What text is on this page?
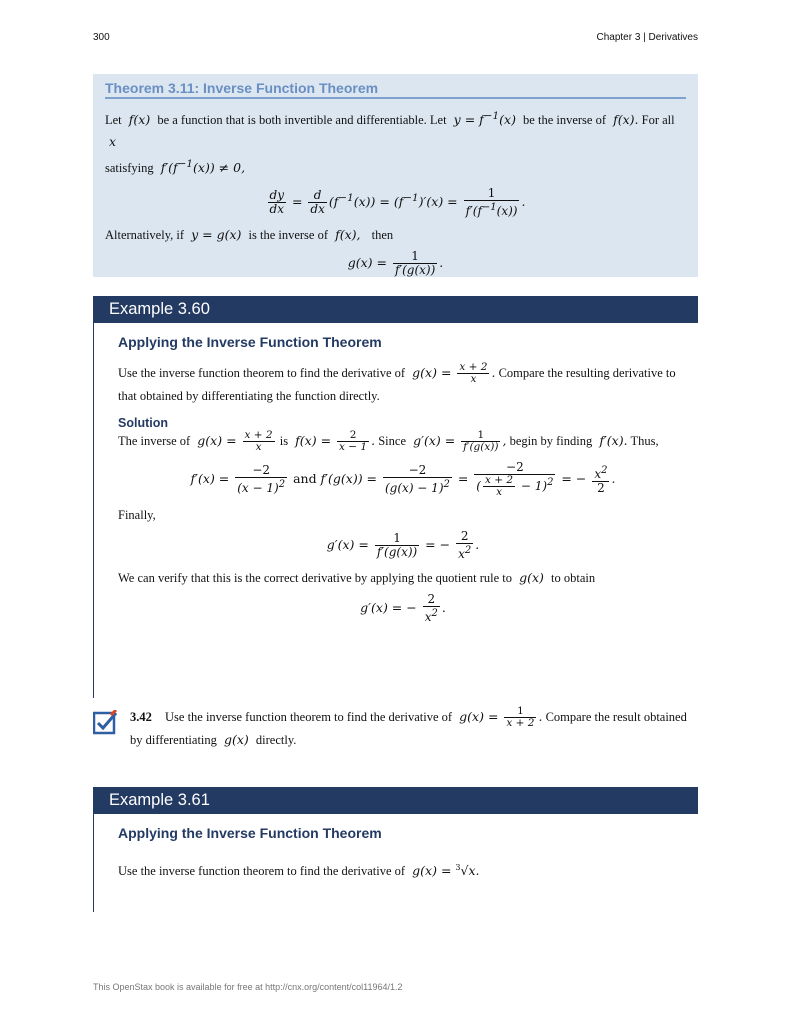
300	Chapter 3 | Derivatives
Theorem 3.11: Inverse Function Theorem
Let  f(x)  be a function that is both invertible and differentiable. Let  $y = f^{-1}(x)$  be the inverse of  f(x). For all  x
satisfying  $f'(f^{-1}(x)) \ne 0$,
$\frac{dy}{dx} = \frac{d}{dx} (f^{-1}(x)) = (f^{-1})'(x) = \frac{1}{f'(f^{-1}(x))}$ .
Alternatively, if  y = g(x)  is the inverse of  f(x),   then
$g(x) = \frac{1}{f'(g(x))}$ .
Example 3.60
Applying the Inverse Function Theorem
Use the inverse function theorem to find the derivative of  $g(x) = \frac{x + 2}{x}$ . Compare the resulting derivative to that obtained by differentiating the function directly.
Solution
The inverse of  $g(x) = \frac{x + 2}{x}$ is  $f(x) = \frac{2}{x - 1}$ . Since  $g'(x) = \frac{1}{f'(g(x))}$ , begin by finding  f′(x). Thus,
$f'(x) = \frac{-2}{(x - 1)^2}$ and $f'(g(x)) = \frac{-2}{(g(x) - 1)^2} = \frac{-2}{( \frac{x + 2}{x} - 1)^2}$ = − $\frac{x^2}{2}$ .
Finally,
$g'(x) = \frac{1}{f'(g(x))}$ = − $\frac{2}{x^2}$ .
We can verify that this is the correct derivative by applying the quotient rule to  g(x)  to obtain
g′(x) = − $\frac{2}{x^2}$ .
3.42 Use the inverse function theorem to find the derivative of  $g(x) = \frac{1}{x + 2}$ . Compare the result obtained by differentiating  g(x)  directly.
Example 3.61
Applying the Inverse Function Theorem
Use the inverse function theorem to find the derivative of  g(x) = $^3$√x.
This OpenStax book is available for free at http://cnx.org/content/col11964/1.2
